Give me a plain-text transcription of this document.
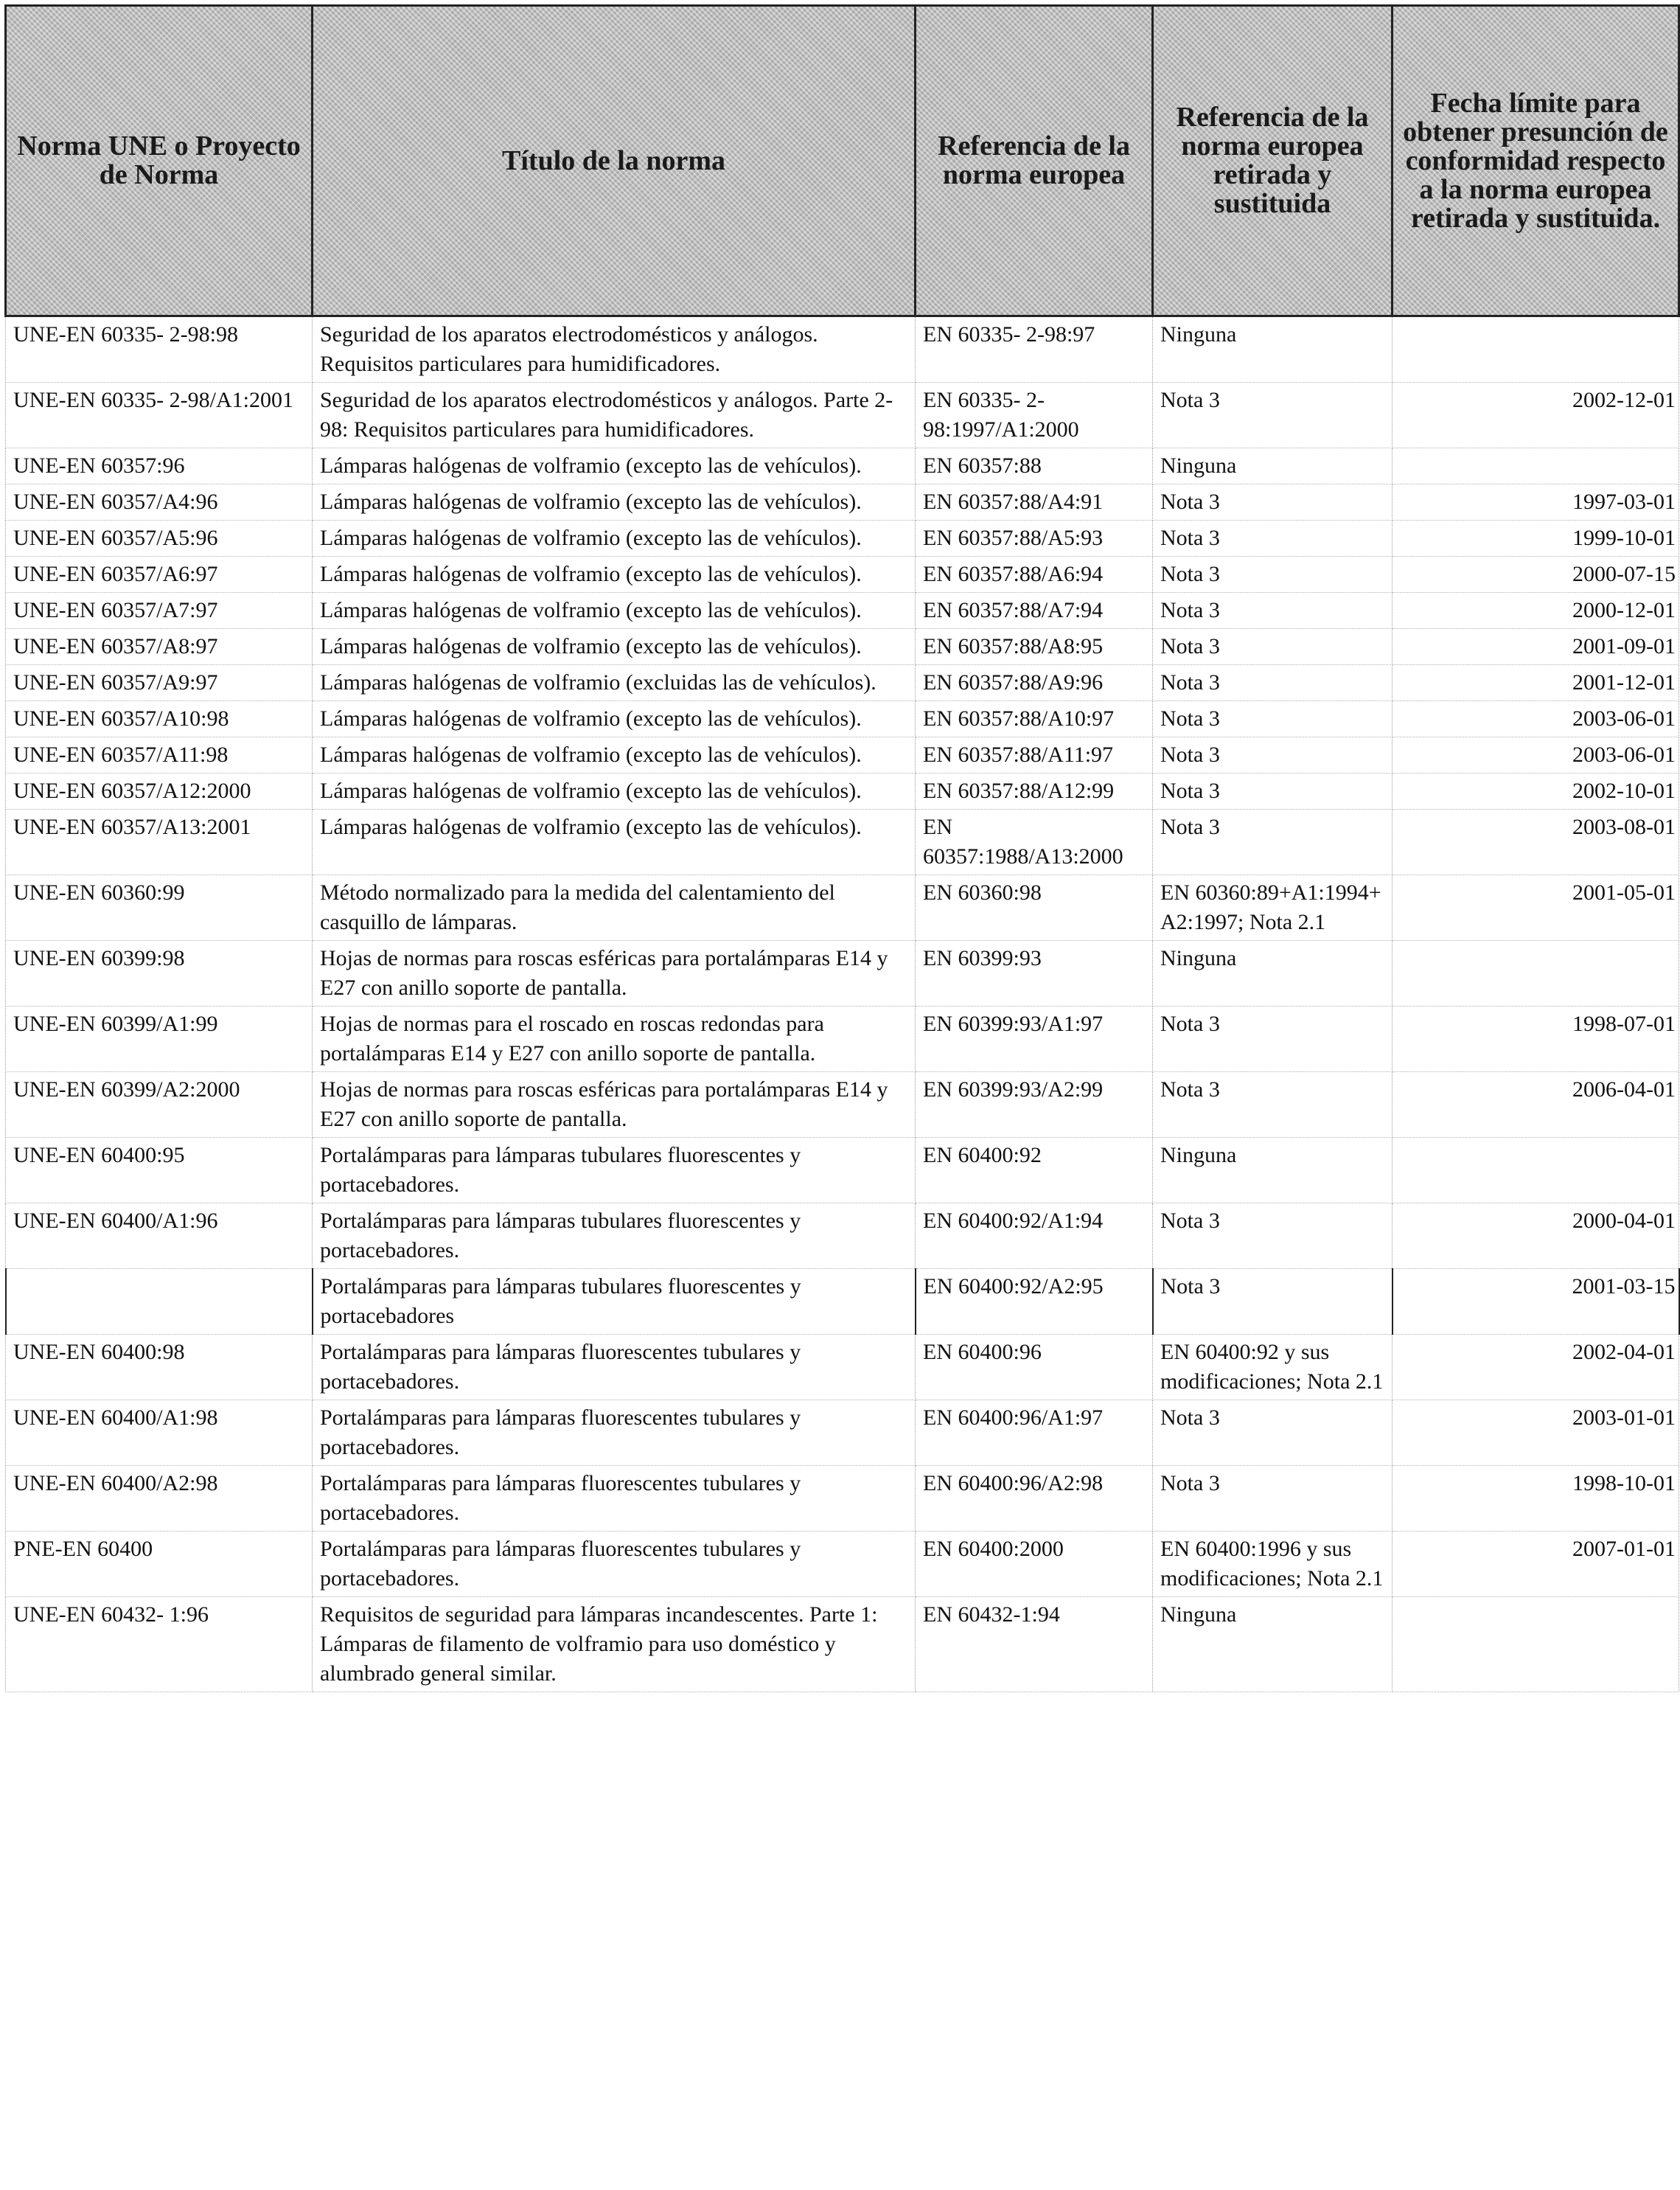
Norma UNE o Proyecto de Norma	Título de la norma	Referencia de la norma europea	Referencia de la norma europea retirada y sustituida	Fecha límite para obtener presunción de conformidad respecto a la norma europea retirada y sustituida.
UNE-EN 60335- 2-98:98	Seguridad de los aparatos electrodomésticos y análogos. Requisitos particulares para humidificadores.	EN 60335- 2-98:97	Ninguna	
UNE-EN 60335- 2-98/A1:2001	Seguridad de los aparatos electrodomésticos y análogos. Parte 2-98: Requisitos particulares para humidificadores.	EN 60335- 2-98:1997/A1:2000	Nota 3	2002-12-01
UNE-EN 60357:96	Lámparas halógenas de volframio (excepto las de vehículos).	EN 60357:88	Ninguna	
UNE-EN 60357/A4:96	Lámparas halógenas de volframio (excepto las de vehículos).	EN 60357:88/A4:91	Nota 3	1997-03-01
UNE-EN 60357/A5:96	Lámparas halógenas de volframio (excepto las de vehículos).	EN 60357:88/A5:93	Nota 3	1999-10-01
UNE-EN 60357/A6:97	Lámparas halógenas de volframio (excepto las de vehículos).	EN 60357:88/A6:94	Nota 3	2000-07-15
UNE-EN 60357/A7:97	Lámparas halógenas de volframio (excepto las de vehículos).	EN 60357:88/A7:94	Nota 3	2000-12-01
UNE-EN 60357/A8:97	Lámparas halógenas de volframio (excepto las de vehículos).	EN 60357:88/A8:95	Nota 3	2001-09-01
UNE-EN 60357/A9:97	Lámparas halógenas de volframio (excluidas las de vehículos).	EN 60357:88/A9:96	Nota 3	2001-12-01
UNE-EN 60357/A10:98	Lámparas halógenas de volframio (excepto las de vehículos).	EN 60357:88/A10:97	Nota 3	2003-06-01
UNE-EN 60357/A11:98	Lámparas halógenas de volframio (excepto las de vehículos).	EN 60357:88/A11:97	Nota 3	2003-06-01
UNE-EN 60357/A12:2000	Lámparas halógenas de volframio (excepto las de vehículos).	EN 60357:88/A12:99	Nota 3	2002-10-01
UNE-EN 60357/A13:2001	Lámparas halógenas de volframio (excepto las de vehículos).	EN 60357:1988/A13:2000	Nota 3	2003-08-01
UNE-EN 60360:99	Método normalizado para la medida del calentamiento del casquillo de lámparas.	EN 60360:98	EN 60360:89+A1:1994+ A2:1997; Nota 2.1	2001-05-01
UNE-EN 60399:98	Hojas de normas para roscas esféricas para portalámparas E14 y E27 con anillo soporte de pantalla.	EN 60399:93	Ninguna	
UNE-EN 60399/A1:99	Hojas de normas para el roscado en roscas redondas para portalámparas E14 y E27 con anillo soporte de pantalla.	EN 60399:93/A1:97	Nota 3	1998-07-01
UNE-EN 60399/A2:2000	Hojas de normas para roscas esféricas para portalámparas E14 y E27 con anillo soporte de pantalla.	EN 60399:93/A2:99	Nota 3	2006-04-01
UNE-EN 60400:95	Portalámparas para lámparas tubulares fluorescentes y portacebadores.	EN 60400:92	Ninguna	
UNE-EN 60400/A1:96	Portalámparas para lámparas tubulares fluorescentes y portacebadores.	EN 60400:92/A1:94	Nota 3	2000-04-01
	Portalámparas para lámparas tubulares fluorescentes y portacebadores	EN 60400:92/A2:95	Nota 3	2001-03-15
UNE-EN 60400:98	Portalámparas para lámparas fluorescentes tubulares y portacebadores.	EN 60400:96	EN 60400:92 y sus modificaciones; Nota 2.1	2002-04-01
UNE-EN 60400/A1:98	Portalámparas para lámparas fluorescentes tubulares y portacebadores.	EN 60400:96/A1:97	Nota 3	2003-01-01
UNE-EN 60400/A2:98	Portalámparas para lámparas fluorescentes tubulares y portacebadores.	EN 60400:96/A2:98	Nota 3	1998-10-01
PNE-EN 60400	Portalámparas para lámparas fluorescentes tubulares y portacebadores.	EN 60400:2000	EN 60400:1996 y sus modificaciones; Nota 2.1	2007-01-01
UNE-EN 60432- 1:96	Requisitos de seguridad para lámparas incandescentes. Parte 1: Lámparas de filamento de volframio para uso doméstico y alumbrado general similar.	EN 60432-1:94	Ninguna	
